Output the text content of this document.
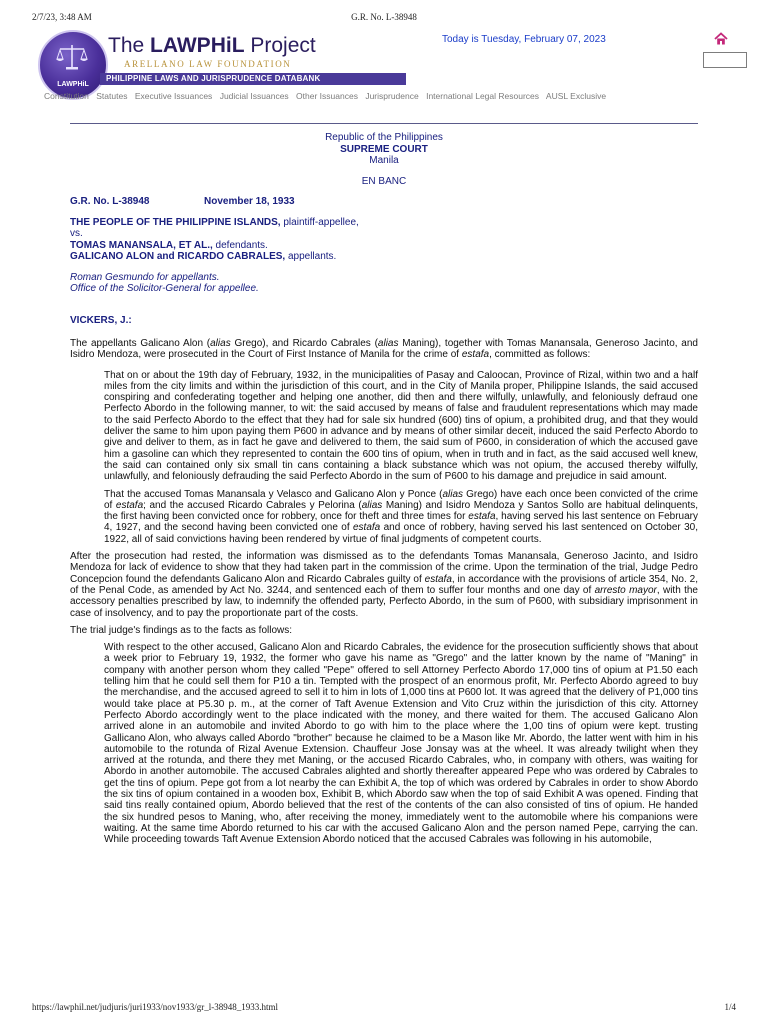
2/7/23, 3:48 AM	G.R. No. L-38948
LAWPHiL
The LAWPHiL Project
ARELLANO LAW FOUNDATION
PHILIPPINE LAWS AND JURISPRUDENCE DATABANK
Today is Tuesday, February 07, 2023
Constitution Statutes Executive Issuances Judicial Issuances Other Issuances Jurisprudence International Legal Resources AUSL Exclusive
Republic of the Philippines
SUPREME COURT
Manila
EN BANC
G.R. No. L-38948	November 18, 1933
THE PEOPLE OF THE PHILIPPINE ISLANDS, plaintiff-appellee,
vs.
TOMAS MANANSALA, ET AL., defendants.
GALICANO ALON and RICARDO CABRALES, appellants.
Roman Gesmundo for appellants.
Office of the Solicitor-General for appellee.
VICKERS, J.:

The appellants Galicano Alon (alias Grego), and Ricardo Cabrales (alias Maning), together with Tomas Manansala, Generoso Jacinto, and Isidro Mendoza, were prosecuted in the Court of First Instance of Manila for the crime of estafa, committed as follows:

That on or about the 19th day of February, 1932, in the municipalities of Pasay and Caloocan, Province of Rizal, within two and a half miles from the city limits and within the jurisdiction of this court, and in the City of Manila proper, Philippine Islands, the said accused conspiring and confederating together and helping one another, did then and there wilfully, unlawfully, and feloniously defraud one Perfecto Abordo in the following manner, to wit: the said accused by means of false and fraudulent representations which may made to the said Perfecto Abordo to the effect that they had for sale six hundred (600) tins of opium, a prohibited drug, and that they would deliver the same to him upon paying them P600 in advance and by means of other similar deceit, induced the said Perfecto Abordo to give and deliver to them, as in fact he gave and delivered to them, the said sum of P600, in consideration of which the accused gave him a gasoline can which they represented to contain the 600 tins of opium, when in truth and in fact, as the said accused well knew, the said can contained only six small tin cans containing a black substance which was not opium, the accused thereby wilfully, unlawfully, and feloniously defrauding the said Perfecto Abordo in the sum of P600 to his damage and prejudice in said amount.

That the accused Tomas Manansala y Velasco and Galicano Alon y Ponce (alias Grego) have each once been convicted of the crime of estafa; and the accused Ricardo Cabrales y Pelorina (alias Maning) and Isidro Mendoza y Santos Sollo are habitual delinquents, the first having been convicted once for robbery, once for theft and three times for estafa, having served his last sentence on February 4, 1927, and the second having been convicted one of estafa and once of robbery, having served his last sentenced on October 30, 1922, all of said convictions having been rendered by virtue of final judgments of competent courts.

After the prosecution had rested, the information was dismissed as to the defendants Tomas Manansala, Generoso Jacinto, and Isidro Mendoza for lack of evidence to show that they had taken part in the commission of the crime. Upon the termination of the trial, Judge Pedro Concepcion found the defendants Galicano Alon and Ricardo Cabrales guilty of estafa, in accordance with the provisions of article 354, No. 2, of the Penal Code, as amended by Act No. 3244, and sentenced each of them to suffer four months and one day of arresto mayor, with the accessory penalties prescribed by law, to indemnify the offended party, Perfecto Abordo, in the sum of P600, with subsidiary imprisonment in case of insolvency, and to pay the proportionate part of the costs.

The trial judge's findings as to the facts as follows:

With respect to the other accused, Galicano Alon and Ricardo Cabrales, the evidence for the prosecution sufficiently shows that about a week prior to February 19, 1932, the former who gave his name as "Grego" and the latter known by the name of "Maning" in company with another person whom they called "Pepe" offered to sell Attorney Perfecto Abordo 17,000 tins of opium at P1.50 each telling him that he could sell them for P10 a tin. Tempted with the prospect of an enormous profit, Mr. Perfecto Abordo agreed to buy the merchandise, and the accused agreed to sell it to him in lots of 1,000 tins at P600 lot. It was agreed that the delivery of P1,000 tins would take place at P5.30 p. m., at the corner of Taft Avenue Extension and Vito Cruz within the jurisdiction of this city. Attorney Perfecto Abordo accordingly went to the place indicated with the money, and there waited for them. The accused Galicano Alon arrived alone in an automobile and invited Abordo to go with him to the place where the 1,00 tins of opium were kept. trusting Gallicano Alon, who always called Abordo "brother" because he claimed to be a Mason like Mr. Abordo, the latter went with him in his automobile to the rotunda of Rizal Avenue Extension. Chauffeur Jose Jonsay was at the wheel. It was already twilight when they arrived at the rotunda, and there they met Maning, or the accused Ricardo Cabrales, who, in company with others, was waiting for Abordo in another automobile. The accused Cabrales alighted and shortly thereafter appeared Pepe who was ordered by Cabrales to get the tins of opium. Pepe got from a lot nearby the can Exhibit A, the top of which was ordered by Cabrales in order to show Abordo the six tins of opium contained in a wooden box, Exhibit B, which Abordo saw when the top of said Exhibit A was opened. Finding that said tins really contained opium, Abordo believed that the rest of the contents of the can also consisted of tins of opium. He handed the six hundred pesos to Maning, who, after receiving the money, immediately went to the automobile where his companions were waiting. At the same time Abordo returned to his car with the accused Galicano Alon and the person named Pepe, carrying the can. While proceeding towards Taft Avenue Extension Abordo noticed that the accused Cabrales was following in his automobile,

https://lawphil.net/judjuris/juri1933/nov1933/gr_l-38948_1933.html	1/4
